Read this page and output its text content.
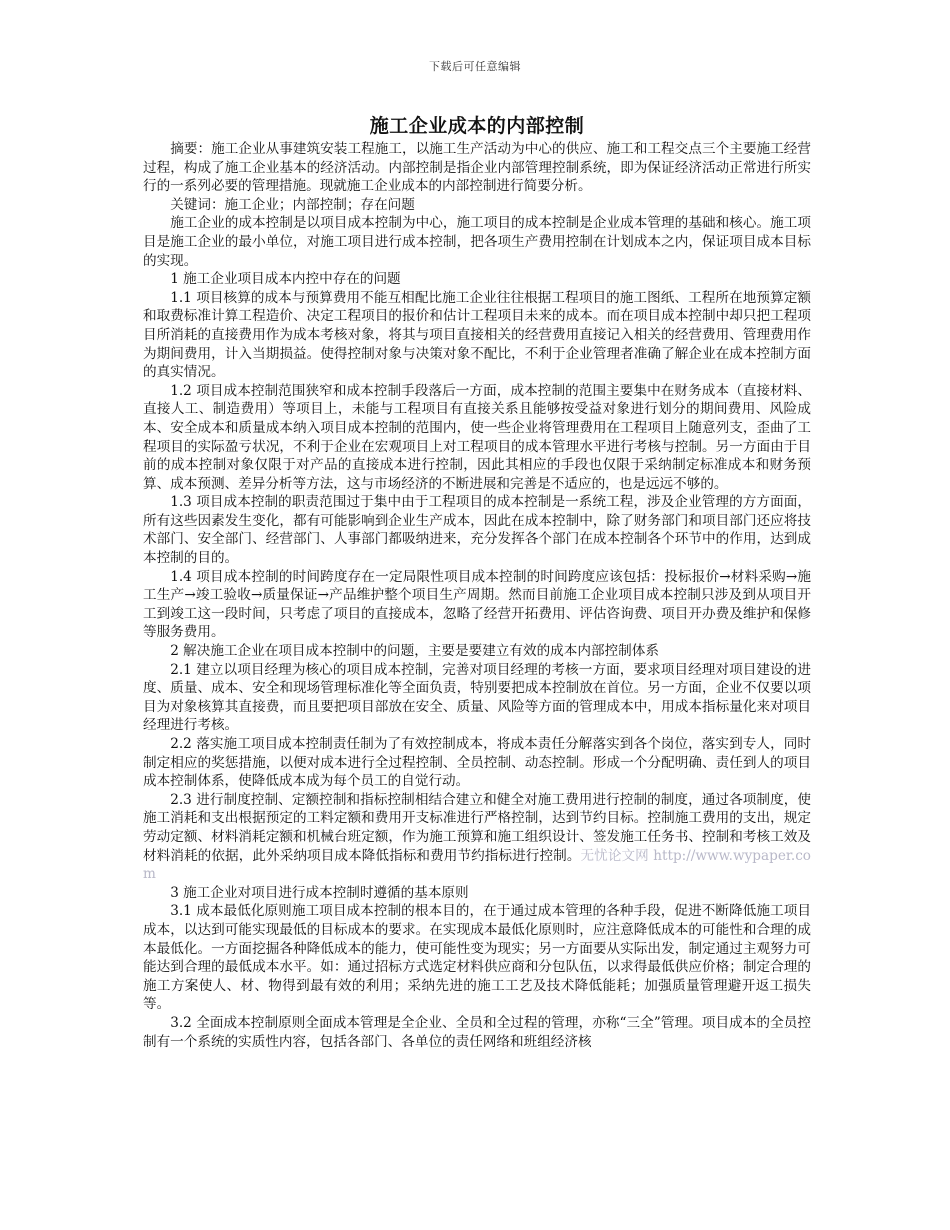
下载后可任意编辑
施工企业成本的内部控制

摘要：施工企业从事建筑安装工程施工，以施工生产活动为中心的供应、施工和工程交点三个主要施工经营过程，构成了施工企业基本的经济活动。内部控制是指企业内部管理控制系统，即为保证经济活动正常进行所实行的一系列必要的管理措施。现就施工企业成本的内部控制进行简要分析。

关键词：施工企业；内部控制；存在问题

施工企业的成本控制是以项目成本控制为中心，施工项目的成本控制是企业成本管理的基础和核心。施工项目是施工企业的最小单位，对施工项目进行成本控制，把各项生产费用控制在计划成本之内，保证项目成本目标的实现。

1 施工企业项目成本内控中存在的问题

1.1 项目核算的成本与预算费用不能互相配比施工企业往往根据工程项目的施工图纸、工程所在地预算定额和取费标准计算工程造价、决定工程项目的报价和估计工程项目未来的成本。而在项目成本控制中却只把工程项目所消耗的直接费用作为成本考核对象，将其与项目直接相关的经营费用直接记入相关的经营费用、管理费用作为期间费用，计入当期损益。使得控制对象与决策对象不配比，不利于企业管理者准确了解企业在成本控制方面的真实情况。

1.2 项目成本控制范围狭窄和成本控制手段落后一方面，成本控制的范围主要集中在财务成本（直接材料、直接人工、制造费用）等项目上，未能与工程项目有直接关系且能够按受益对象进行划分的期间费用、风险成本、安全成本和质量成本纳入项目成本控制的范围内，使一些企业将管理费用在工程项目上随意列支，歪曲了工程项目的实际盈亏状况，不利于企业在宏观项目上对工程项目的成本管理水平进行考核与控制。另一方面由于目前的成本控制对象仅限于对产品的直接成本进行控制，因此其相应的手段也仅限于采纳制定标准成本和财务预算、成本预测、差异分析等方法，这与市场经济的不断进展和完善是不适应的，也是远远不够的。

1.3 项目成本控制的职责范围过于集中由于工程项目的成本控制是一系统工程，涉及企业管理的方方面面，所有这些因素发生变化，都有可能影响到企业生产成本，因此在成本控制中，除了财务部门和项目部门还应将技术部门、安全部门、经营部门、人事部门都吸纳进来，充分发挥各个部门在成本控制各个环节中的作用，达到成本控制的目的。

1.4 项目成本控制的时间跨度存在一定局限性项目成本控制的时间跨度应该包括：投标报价→材料采购→施工生产→竣工验收→质量保证→产品维护整个项目生产周期。然而目前施工企业项目成本控制只涉及到从项目开工到竣工这一段时间，只考虑了项目的直接成本，忽略了经营开拓费用、评估咨询费、项目开办费及维护和保修等服务费用。

2 解决施工企业在项目成本控制中的问题，主要是要建立有效的成本内部控制体系

2.1 建立以项目经理为核心的项目成本控制，完善对项目经理的考核一方面，要求项目经理对项目建设的进度、质量、成本、安全和现场管理标准化等全面负责，特别要把成本控制放在首位。另一方面，企业不仅要以项目为对象核算其直接费，而且要把项目部放在安全、质量、风险等方面的管理成本中，用成本指标量化来对项目经理进行考核。

2.2 落实施工项目成本控制责任制为了有效控制成本，将成本责任分解落实到各个岗位，落实到专人，同时制定相应的奖惩措施，以便对成本进行全过程控制、全员控制、动态控制。形成一个分配明确、责任到人的项目成本控制体系，使降低成本成为每个员工的自觉行动。

2.3 进行制度控制、定额控制和指标控制相结合建立和健全对施工费用进行控制的制度，通过各项制度，使施工消耗和支出根据预定的工料定额和费用开支标准进行严格控制，达到节约目标。控制施工费用的支出，规定劳动定额、材料消耗定额和机械台班定额，作为施工预算和施工组织设计、签发施工任务书、控制和考核工效及材料消耗的依据，此外采纳项目成本降低指标和费用节约指标进行控制。无忧论文网 http://www.wypaper.com

3 施工企业对项目进行成本控制时遵循的基本原则

3.1 成本最低化原则施工项目成本控制的根本目的，在于通过成本管理的各种手段，促进不断降低施工项目成本，以达到可能实现最低的目标成本的要求。在实现成本最低化原则时，应注意降低成本的可能性和合理的成本最低化。一方面挖掘各种降低成本的能力，使可能性变为现实；另一方面要从实际出发，制定通过主观努力可能达到合理的最低成本水平。如：通过招标方式选定材料供应商和分包队伍，以求得最低供应价格；制定合理的施工方案使人、材、物得到最有效的利用；采纳先进的施工工艺及技术降低能耗；加强质量管理避开返工损失等。

3.2 全面成本控制原则全面成本管理是全企业、全员和全过程的管理，亦称“三全”管理。项目成本的全员控制有一个系统的实质性内容，包括各部门、各单位的责任网络和班组经济核
